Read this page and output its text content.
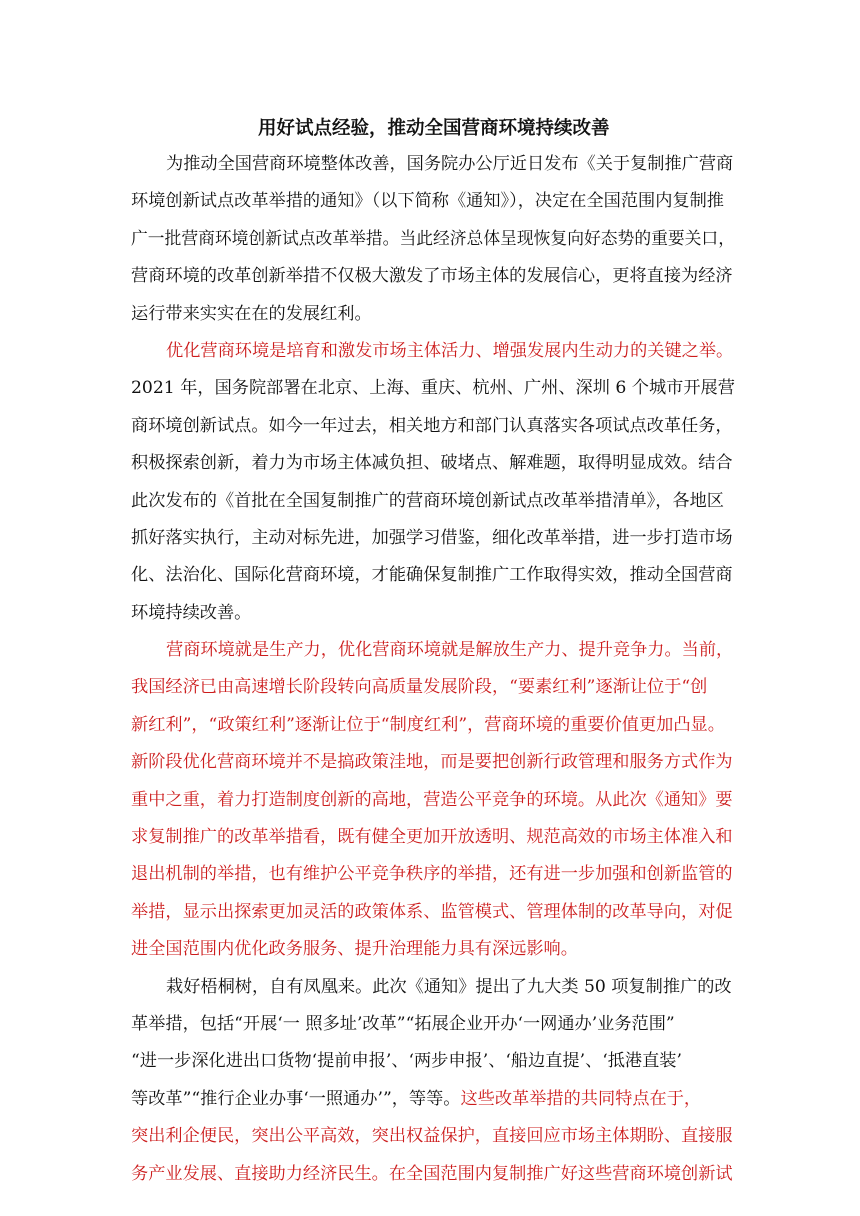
用好试点经验，推动全国营商环境持续改善
为推动全国营商环境整体改善，国务院办公厅近日发布《关于复制推广营商
环境创新试点改革举措的通知》（以下简称《通知》），决定在全国范围内复制推
广一批营商环境创新试点改革举措。当此经济总体呈现恢复向好态势的重要关口，
营商环境的改革创新举措不仅极大激发了市场主体的发展信心，更将直接为经济
运行带来实实在在的发展红利。
优化营商环境是培育和激发市场主体活力、增强发展内生动力的关键之举。
2021 年，国务院部署在北京、上海、重庆、杭州、广州、深圳 6 个城市开展营
商环境创新试点。如今一年过去，相关地方和部门认真落实各项试点改革任务，
积极探索创新，着力为市场主体减负担、破堵点、解难题，取得明显成效。结合
此次发布的《首批在全国复制推广的营商环境创新试点改革举措清单》，各地区
抓好落实执行，主动对标先进，加强学习借鉴，细化改革举措，进一步打造市场
化、法治化、国际化营商环境，才能确保复制推广工作取得实效，推动全国营商
环境持续改善。
营商环境就是生产力，优化营商环境就是解放生产力、提升竞争力。当前，
我国经济已由高速增长阶段转向高质量发展阶段，“要素红利”逐渐让位于“创
新红利”，“政策红利”逐渐让位于“制度红利”，营商环境的重要价值更加凸显。
新阶段优化营商环境并不是搞政策洼地，而是要把创新行政管理和服务方式作为
重中之重，着力打造制度创新的高地，营造公平竞争的环境。从此次《通知》要
求复制推广的改革举措看，既有健全更加开放透明、规范高效的市场主体准入和
退出机制的举措，也有维护公平竞争秩序的举措，还有进一步加强和创新监管的
举措，显示出探索更加灵活的政策体系、监管模式、管理体制的改革导向，对促
进全国范围内优化政务服务、提升治理能力具有深远影响。
栽好梧桐树，自有凤凰来。此次《通知》提出了九大类 50 项复制推广的改
革举措，包括“开展‘一 照多址’改革”“拓展企业开办‘一网通办’业务范围”
“进一步深化进出口货物‘提前申报’、‘两步申报’、‘船边直提’、‘抵港直装’
等改革”“推行企业办事‘一照通办’”，等等。这些改革举措的共同特点在于，
突出利企便民，突出公平高效，突出权益保护，直接回应市场主体期盼、直接服
务产业发展、直接助力经济民生。在全国范围内复制推广好这些营商环境创新试
